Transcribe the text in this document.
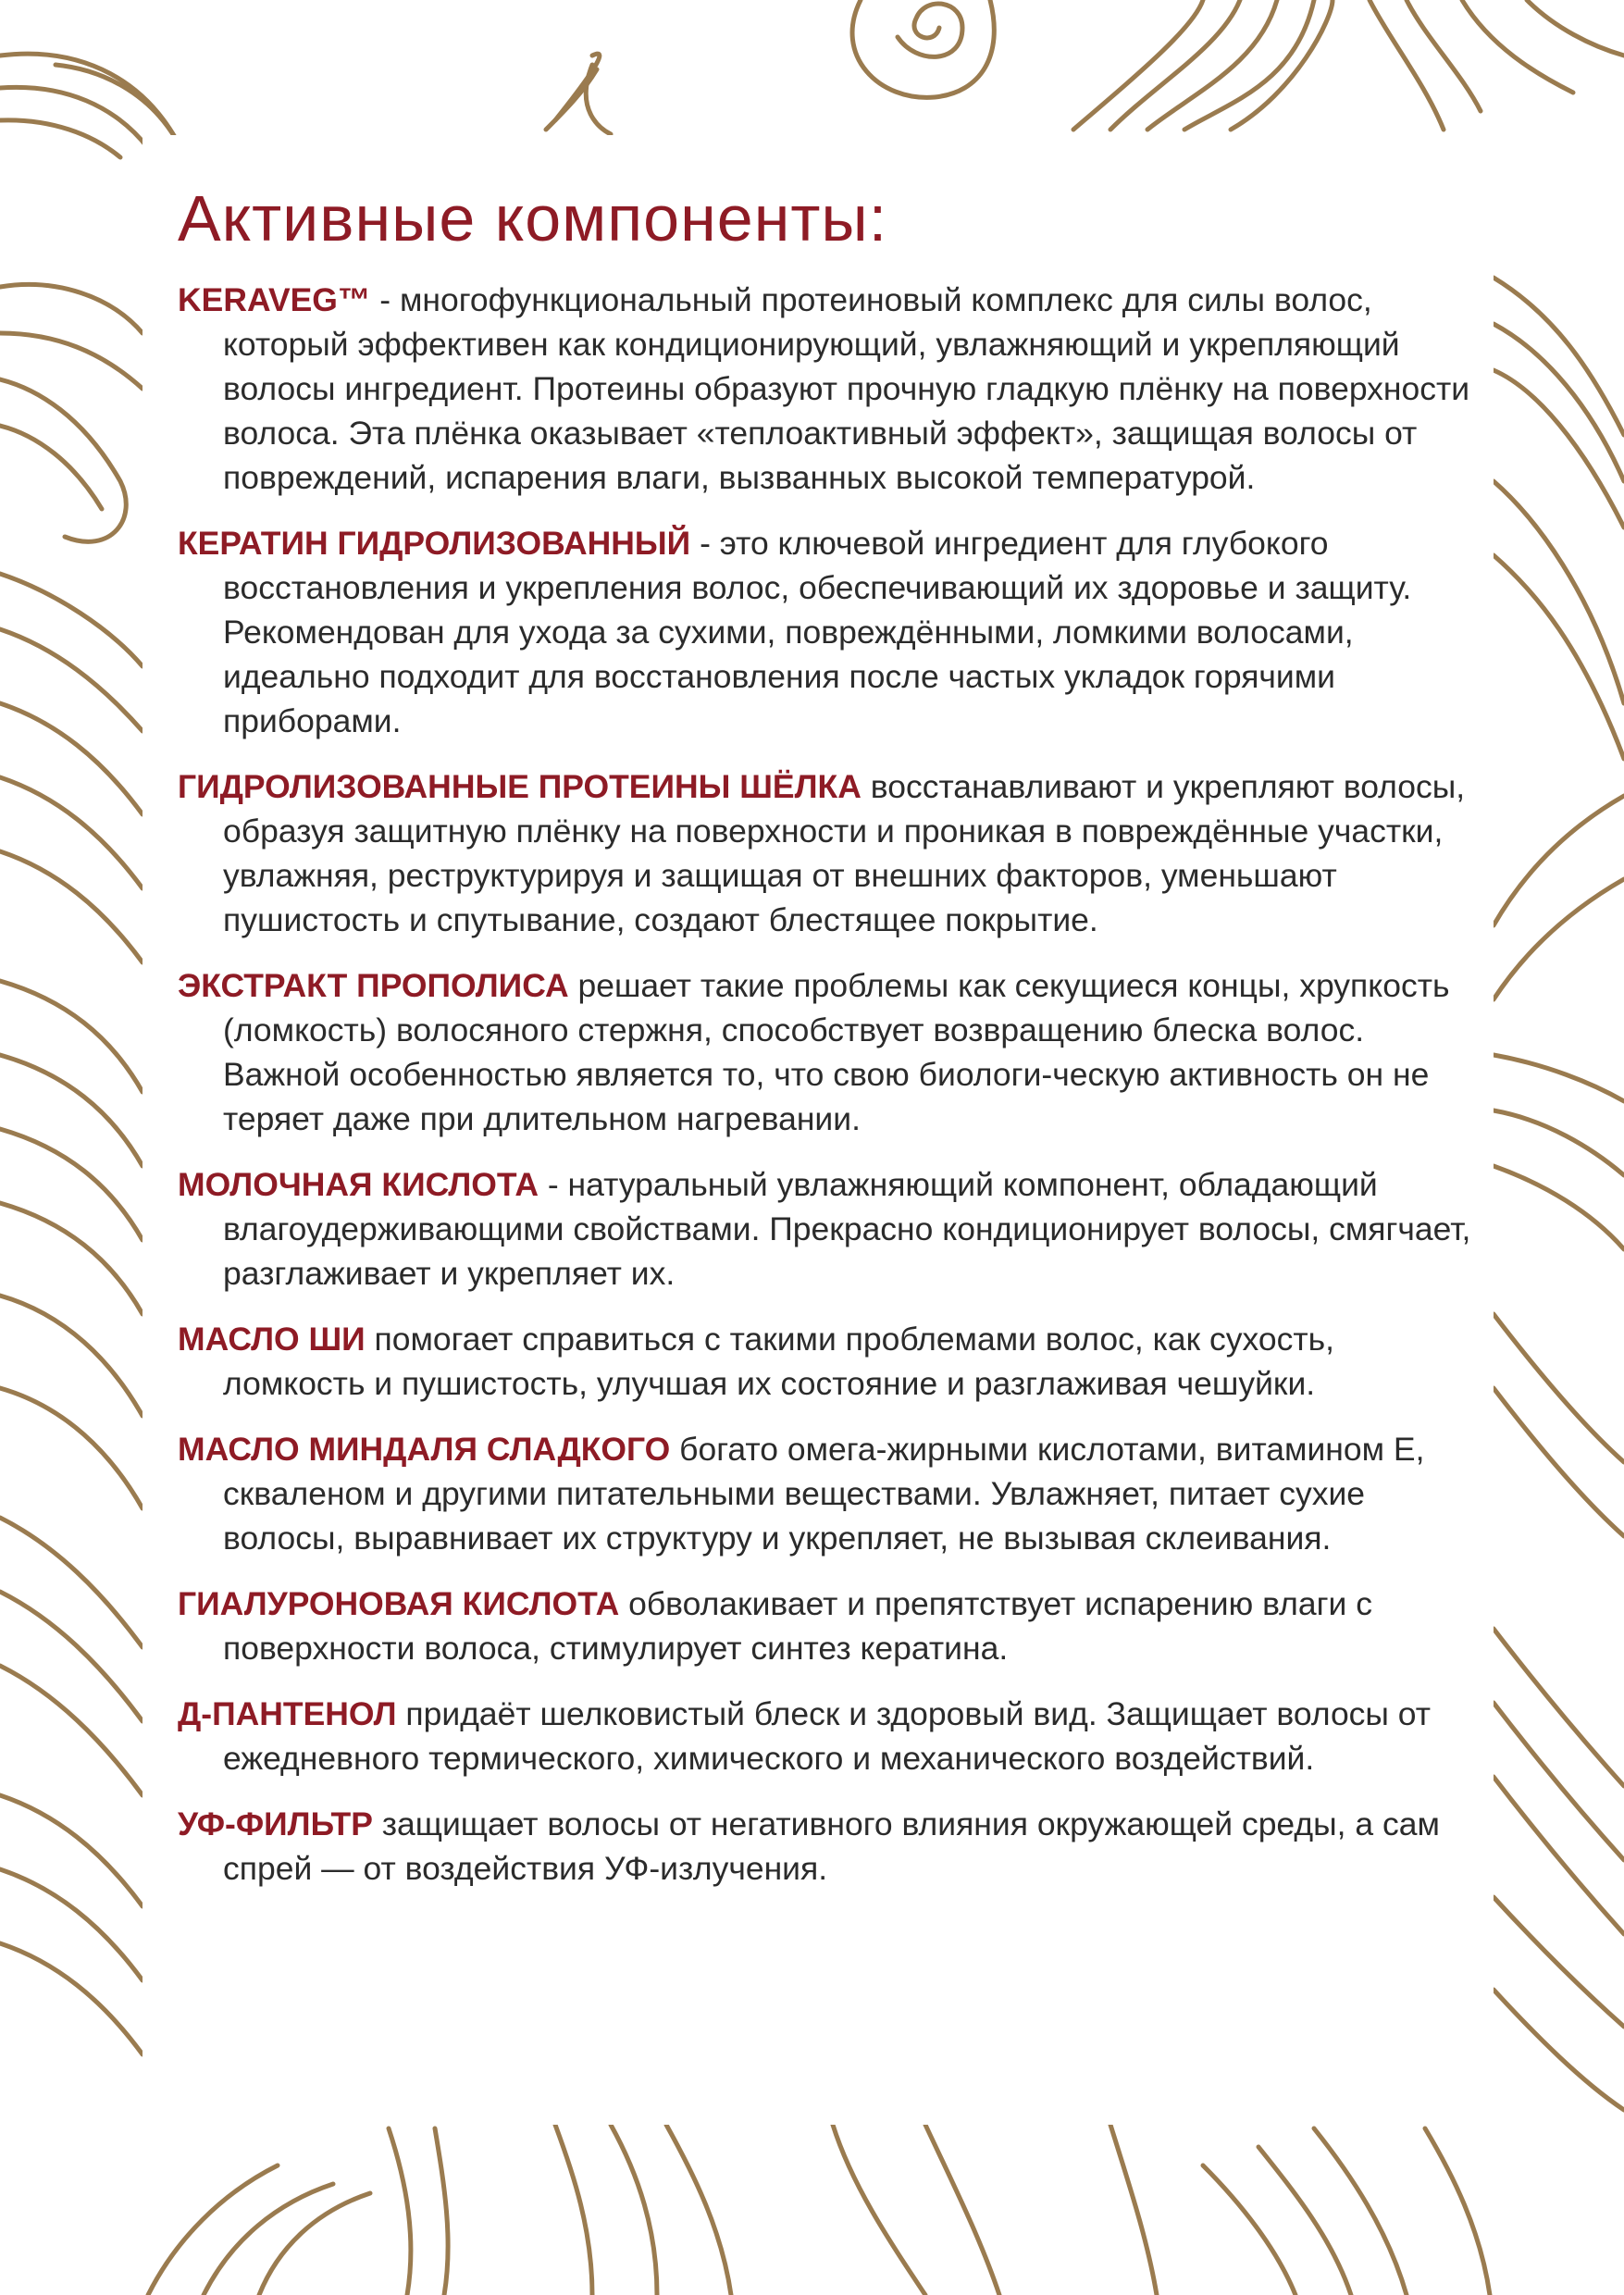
Активные компоненты:

KERAVEG™ - многофункциональный протеиновый комплекс для силы волос, который эффективен как кондиционирующий, увлажняющий и укрепляющий волосы ингредиент. Протеины образуют прочную гладкую плёнку на поверхности волоса. Эта плёнка оказывает «теплоактивный эффект», защищая волосы от повреждений, испарения влаги, вызванных высокой температурой.

КЕРАТИН ГИДРОЛИЗОВАННЫЙ - это ключевой ингредиент для глубокого восстановления и укрепления волос, обеспечивающий их здоровье и защиту. Рекомендован для ухода за сухими, повреждёнными, ломкими волосами, идеально подходит для восстановления после частых укладок горячими приборами.

ГИДРОЛИЗОВАННЫЕ ПРОТЕИНЫ ШЁЛКА восстанавливают и укрепляют волосы, образуя защитную плёнку на поверхности и проникая в повреждённые участки, увлажняя, реструктурируя и защищая от внешних факторов, уменьшают пушистость и спутывание, создают блестящее покрытие.

ЭКСТРАКТ ПРОПОЛИСА решает такие проблемы как секущиеся концы, хрупкость (ломкость) волосяного стержня, способствует возвращению блеска волос. Важной особенностью является то, что свою биологи-ческую активность он не теряет даже при длительном нагревании.

МОЛОЧНАЯ КИСЛОТА - натуральный увлажняющий компонент, обладающий влагоудерживающими свойствами. Прекрасно кондиционирует волосы, смягчает, разглаживает и укрепляет их.

МАСЛО ШИ помогает справиться с такими проблемами волос, как сухость, ломкость и пушистость, улучшая их состояние и разглаживая чешуйки.

МАСЛО МИНДАЛЯ СЛАДКОГО богато омега-жирными кислотами, витамином Е, скваленом и другими питательными веществами. Увлажняет, питает сухие волосы, выравнивает их структуру и укрепляет, не вызывая склеивания.

ГИАЛУРОНОВАЯ КИСЛОТА обволакивает и препятствует испарению влаги с поверхности волоса, стимулирует синтез кератина.

Д-ПАНТЕНОЛ придаёт шелковистый блеск и здоровый вид. Защищает волосы от ежедневного термического, химического и механического воздействий.

УФ-ФИЛЬТР защищает волосы от негативного влияния окружающей среды, а сам спрей — от воздействия УФ-излучения.
